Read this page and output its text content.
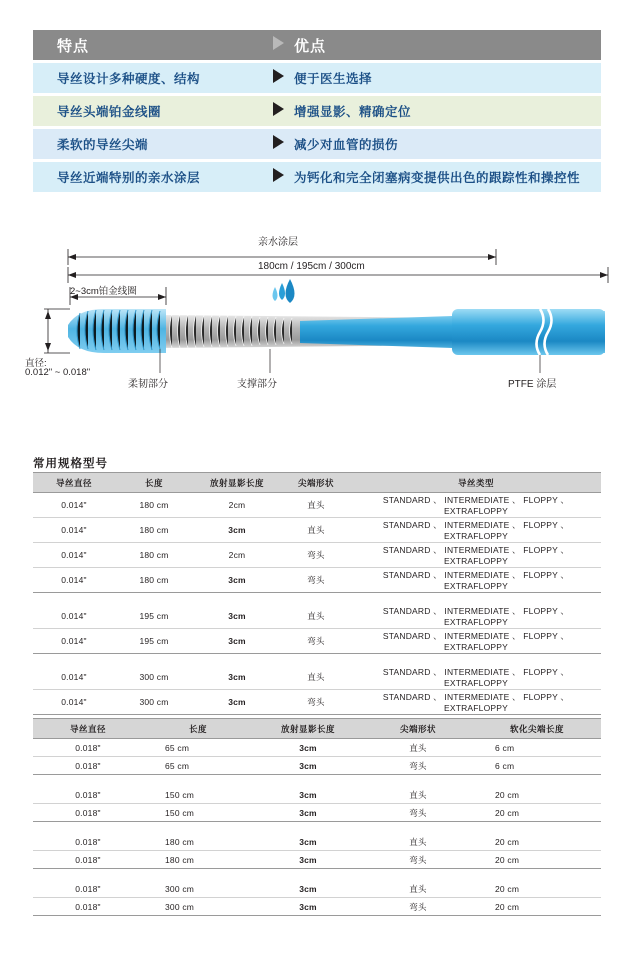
特点	优点
导丝设计多种硬度、结构	便于医生选择
导丝头端铂金线圈	增强显影、精确定位
柔软的导丝尖端	减少对血管的损伤
导丝近端特别的亲水涂层	为钙化和完全闭塞病变提供出色的跟踪性和操控性
亲水涂层
180cm / 195cm / 300cm
2~3cm铂金线圈
直径:
0.012" ~ 0.018"
柔韧部分	支撑部分	PTFE 涂层
常用规格型号
导丝直径	长度	放射显影长度	尖端形状	导丝类型
0.014"	180 cm	2cm	直头	STANDARD 、 INTERMEDIATE 、 FLOPPY 、 EXTRAFLOPPY
0.014"	180 cm	3cm	直头	STANDARD 、 INTERMEDIATE 、 FLOPPY 、 EXTRAFLOPPY
0.014"	180 cm	2cm	弯头	STANDARD 、 INTERMEDIATE 、 FLOPPY 、 EXTRAFLOPPY
0.014"	180 cm	3cm	弯头	STANDARD 、 INTERMEDIATE 、 FLOPPY 、 EXTRAFLOPPY

0.014"	195 cm	3cm	直头	STANDARD 、 INTERMEDIATE 、 FLOPPY 、 EXTRAFLOPPY
0.014"	195 cm	3cm	弯头	STANDARD 、 INTERMEDIATE 、 FLOPPY 、 EXTRAFLOPPY

0.014"	300 cm	3cm	直头	STANDARD 、 INTERMEDIATE 、 FLOPPY 、 EXTRAFLOPPY
0.014"	300 cm	3cm	弯头	STANDARD 、 INTERMEDIATE 、 FLOPPY 、 EXTRAFLOPPY
导丝直径	长度	放射显影长度	尖端形状	软化尖端长度
0.018"	65 cm	3cm	直头	6 cm
0.018"	65 cm	3cm	弯头	6 cm

0.018"	150 cm	3cm	直头	20 cm
0.018"	150 cm	3cm	弯头	20 cm

0.018"	180 cm	3cm	直头	20 cm
0.018"	180 cm	3cm	弯头	20 cm

0.018"	300 cm	3cm	直头	20 cm
0.018"	300 cm	3cm	弯头	20 cm
